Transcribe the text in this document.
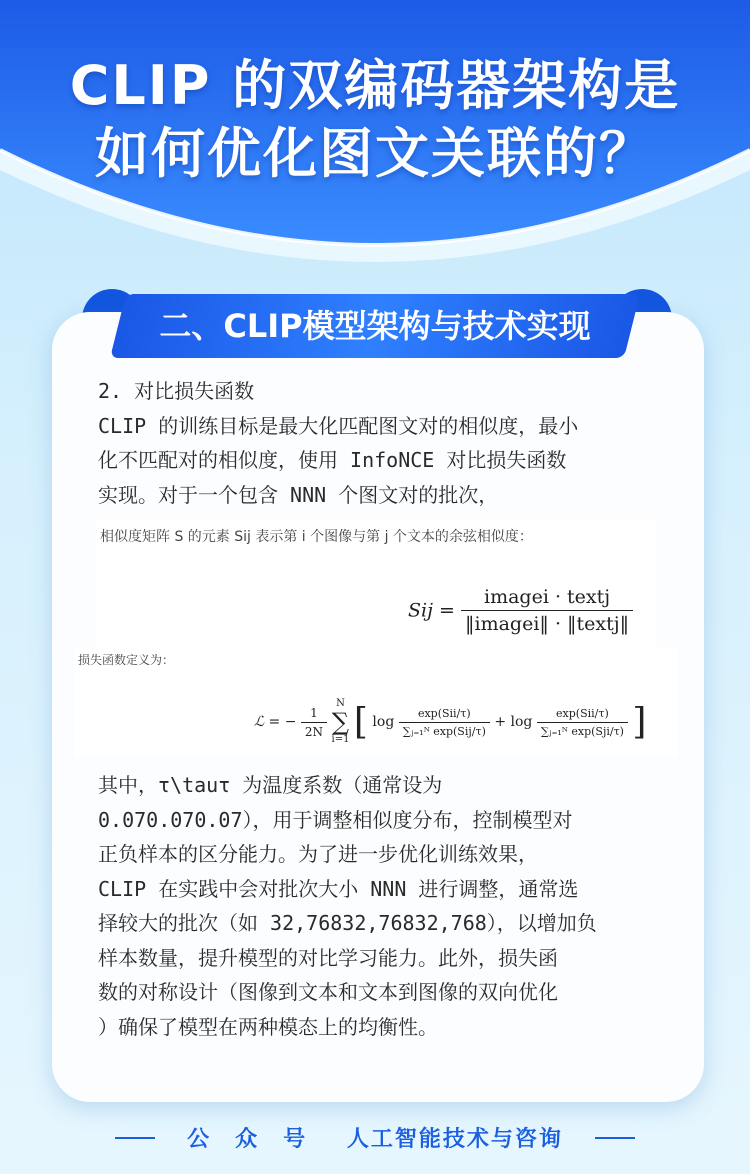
CLIP 的双编码器架构是
如何优化图文关联的？
二、CLIP模型架构与技术实现
2. 对比损失函数
CLIP 的训练目标是最大化匹配图文对的相似度，最小
化不匹配对的相似度，使用 InfoNCE 对比损失函数
实现。对于一个包含 NNN 个图文对的批次，
相似度矩阵 S 的元素 Sij 表示第 i 个图像与第 j 个文本的余弦相似度：
Sij = $\frac{\text{imagei · textj}}{\text{‖imagei‖ · ‖textj‖}}$
损失函数定义为：
ℒ = − $\frac{1}{2N}$

N
∑
i=1 [ $\log \frac{\text{exp(Sii/τ)}}{\text{∑ⱼ₌₁ᴺ exp(Sij/τ)}} + \log \frac{\text{exp(Sii/τ)}}{\text{∑ⱼ₌₁ᴺ exp(Sji/τ)}}$ ]
其中，τ\tauτ 为温度系数（通常设为
0.070.070.07），用于调整相似度分布，控制模型对
正负样本的区分能力。为了进一步优化训练效果，
CLIP 在实践中会对批次大小 NNN 进行调整，通常选
择较大的批次（如 32,76832,76832,768），以增加负
样本数量，提升模型的对比学习能力。此外，损失函
数的对称设计（图像到文本和文本到图像的双向优化
）确保了模型在两种模态上的均衡性。
公众号 人工智能技术与咨询
